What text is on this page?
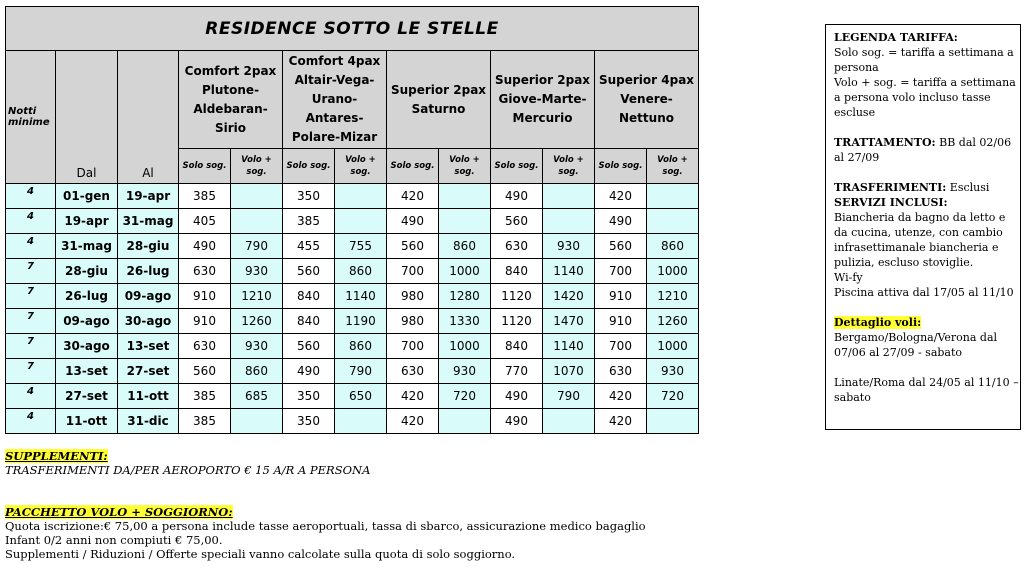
RESIDENCE SOTTO LE STELLE												
Notti minime	Dal	Al	Comfort 2pax Plutone-Aldebaran-Sirio		Comfort 4pax Altair-Vega-Urano-Antares-Polare-Mizar		Superior 2pax Saturno		Superior 2pax Giove-Marte-Mercurio		Superior 4pax Venere-Nettuno	
			Solo sog.	Volo + sog.	Solo sog.	Volo + sog.	Solo sog.	Volo + sog.	Solo sog.	Volo + sog.	Solo sog.	Volo + sog.
4	01-gen	19-apr	385		350		420		490		420	
4	19-apr	31-mag	405		385		490		560		490	
4	31-mag	28-giu	490	790	455	755	560	860	630	930	560	860
7	28-giu	26-lug	630	930	560	860	700	1000	840	1140	700	1000
7	26-lug	09-ago	910	1210	840	1140	980	1280	1120	1420	910	1210
7	09-ago	30-ago	910	1260	840	1190	980	1330	1120	1470	910	1260
7	30-ago	13-set	630	930	560	860	700	1000	840	1140	700	1000
7	13-set	27-set	560	860	490	790	630	930	770	1070	630	930
4	27-set	11-ott	385	685	350	650	420	720	490	790	420	720
4	11-ott	31-dic	385		350		420		490		420	

LEGENDA TARIFFA:

Solo sog. = tariffa a settimana a persona

Volo + sog. = tariffa a settimana a persona volo incluso tasse escluse

TRATTAMENTO: BB dal 02/06 al 27/09

TRASFERIMENTI: Esclusi

SERVIZI INCLUSI:

Biancheria da bagno da letto e da cucina, utenze, con cambio infrasettimanale biancheria e pulizia, escluso stoviglie.

Wi-fy

Piscina attiva dal 17/05 al 11/10

Dettaglio voli:

Bergamo/Bologna/Verona dal 07/06 al 27/09 - sabato

Linate/Roma dal 24/05 al 11/10 – sabato

SUPPLEMENTI:

TRASFERIMENTI DA/PER AEROPORTO € 15 A/R A PERSONA

PACCHETTO VOLO + SOGGIORNO:

Quota iscrizione:€ 75,00 a persona include tasse aeroportuali, tassa di sbarco, assicurazione medico bagaglio

Infant 0/2 anni non compiuti € 75,00.

Supplementi / Riduzioni / Offerte speciali vanno calcolate sulla quota di solo soggiorno.
